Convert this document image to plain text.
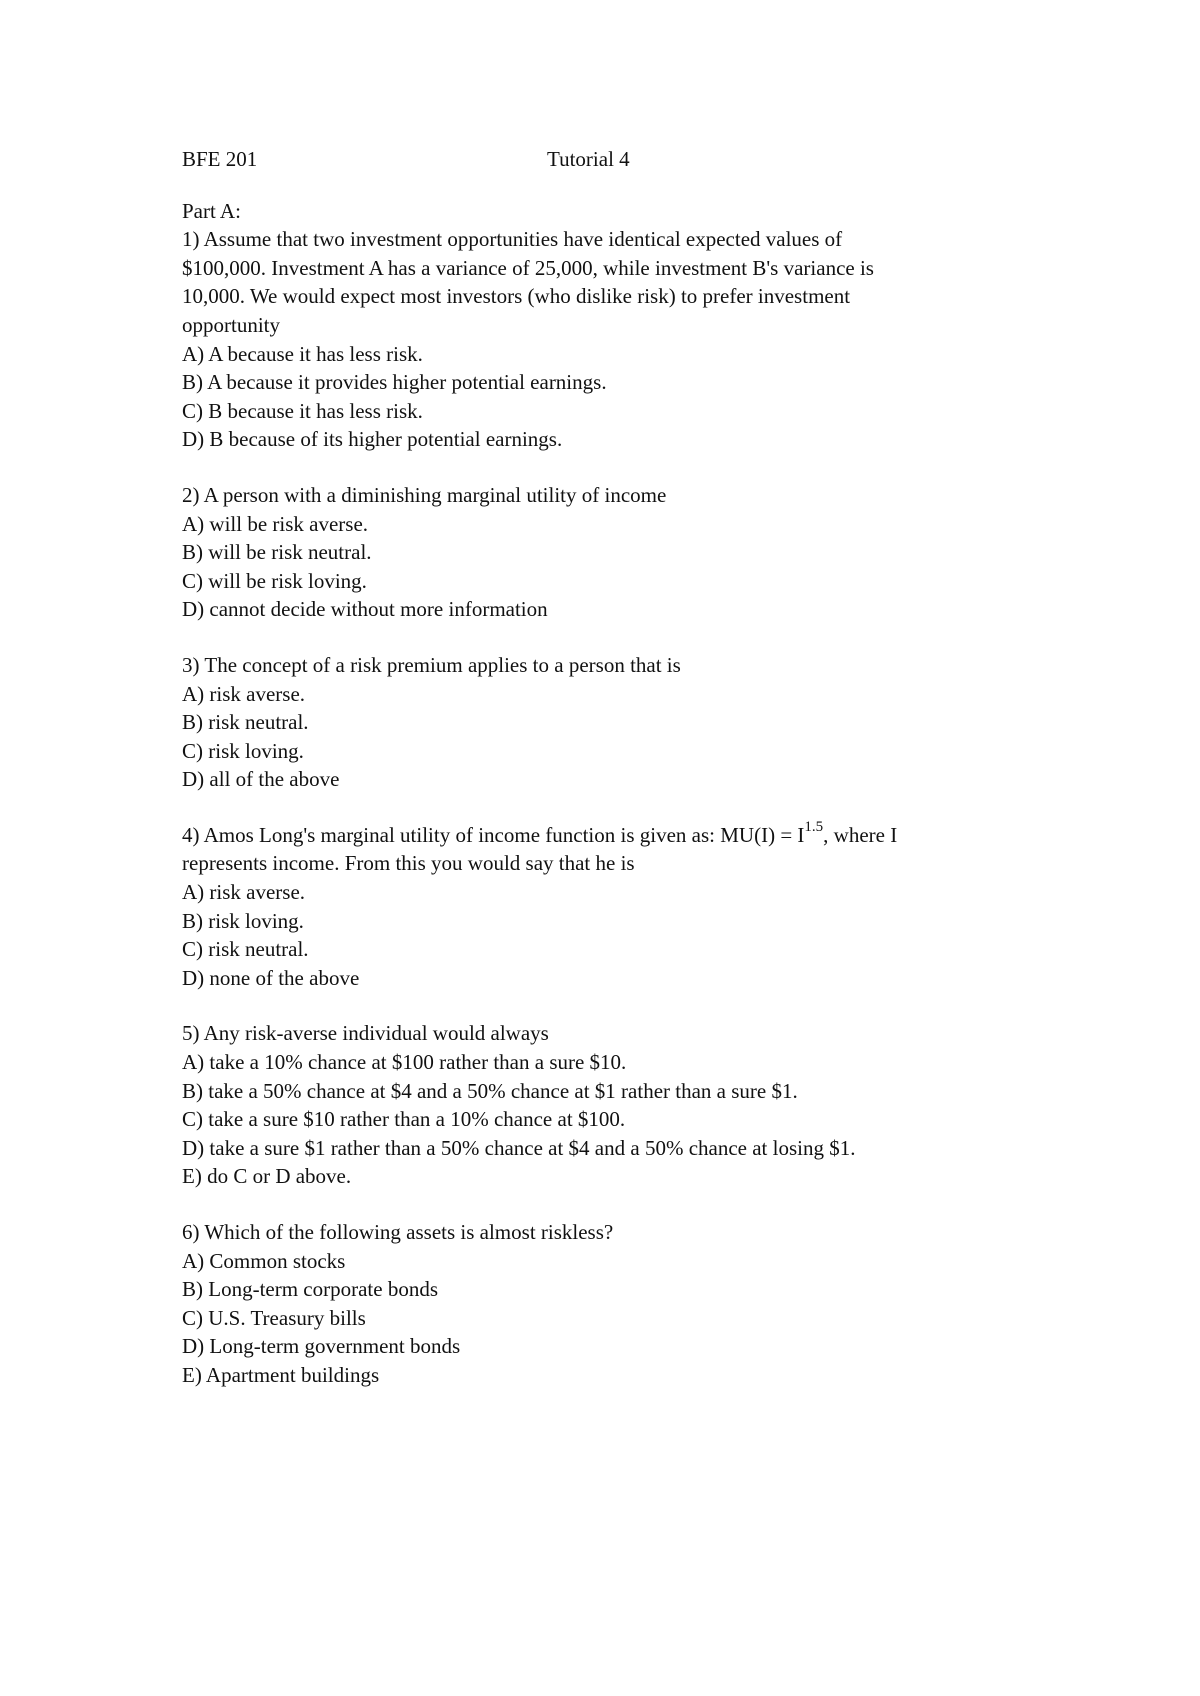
BFE 201	Tutorial 4
Part A:
1) Assume that two investment opportunities have identical expected values of
$100,000. Investment A has a variance of 25,000, while investment B's variance is
10,000. We would expect most investors (who dislike risk) to prefer investment
opportunity
A) A because it has less risk.
B) A because it provides higher potential earnings.
C) B because it has less risk.
D) B because of its higher potential earnings.
2) A person with a diminishing marginal utility of income
A) will be risk averse.
B) will be risk neutral.
C) will be risk loving.
D) cannot decide without more information
3) The concept of a risk premium applies to a person that is
A) risk averse.
B) risk neutral.
C) risk loving.
D) all of the above
4) Amos Long's marginal utility of income function is given as: $MU(I) = I^{1.5}$, where I
represents income. From this you would say that he is
A) risk averse.
B) risk loving.
C) risk neutral.
D) none of the above
5) Any risk-averse individual would always
A) take a 10% chance at $100 rather than a sure $10.
B) take a 50% chance at $4 and a 50% chance at $1 rather than a sure $1.
C) take a sure $10 rather than a 10% chance at $100.
D) take a sure $1 rather than a 50% chance at $4 and a 50% chance at losing $1.
E) do C or D above.
6) Which of the following assets is almost riskless?
A) Common stocks
B) Long-term corporate bonds
C) U.S. Treasury bills
D) Long-term government bonds
E) Apartment buildings
